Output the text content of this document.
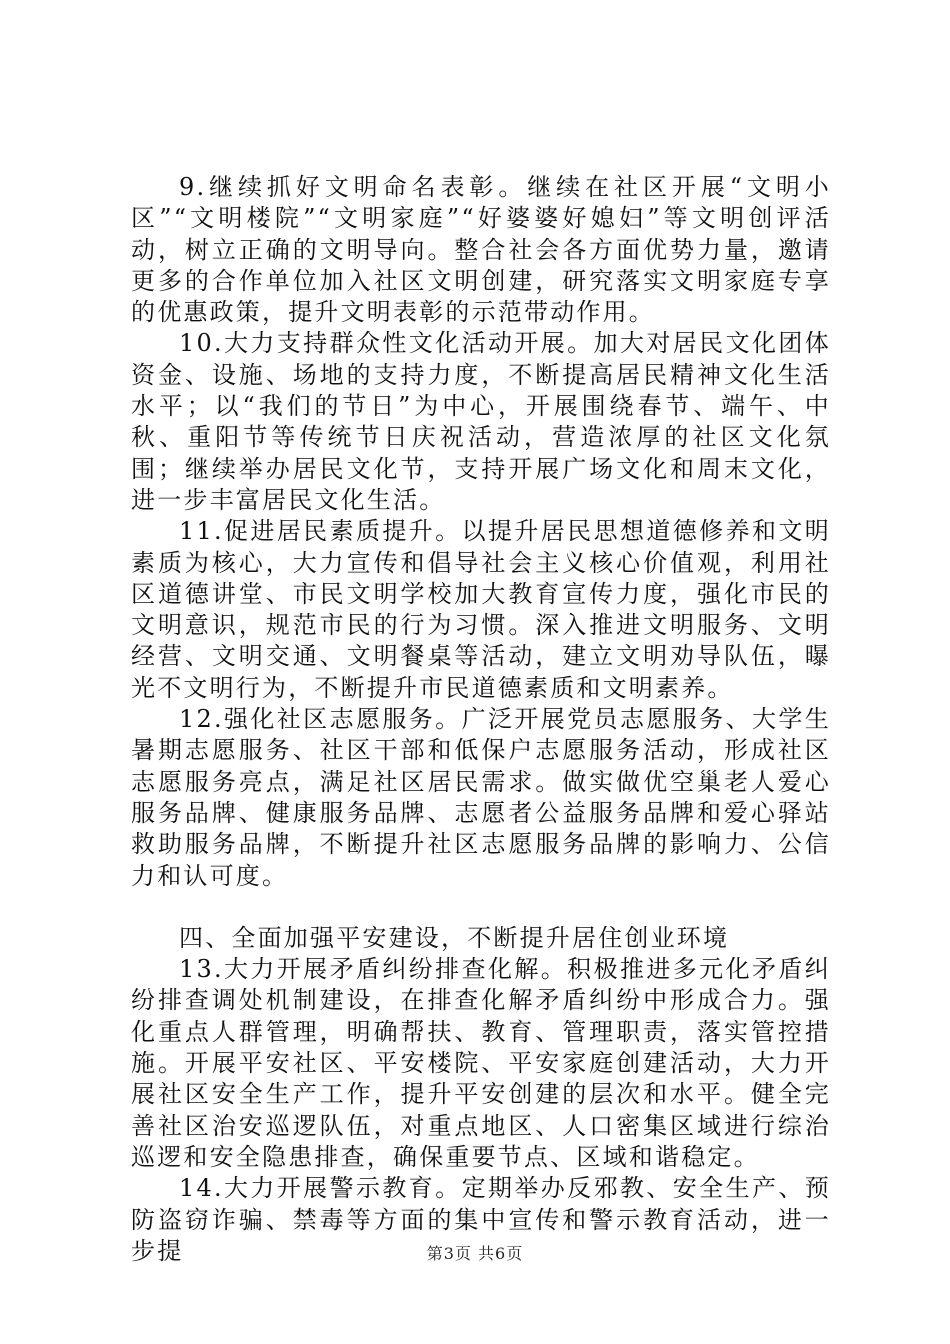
9.继续抓好文明命名表彰。继续在社区开展“文明小区”“文明楼院”“文明家庭”“好婆婆好媳妇”等文明创评活动，树立正确的文明导向。整合社会各方面优势力量，邀请更多的合作单位加入社区文明创建，研究落实文明家庭专享的优惠政策，提升文明表彰的示范带动作用。

10.大力支持群众性文化活动开展。加大对居民文化团体资金、设施、场地的支持力度，不断提高居民精神文化生活水平；以“我们的节日”为中心，开展围绕春节、端午、中秋、重阳节等传统节日庆祝活动，营造浓厚的社区文化氛围；继续举办居民文化节，支持开展广场文化和周末文化，进一步丰富居民文化生活。

11.促进居民素质提升。以提升居民思想道德修养和文明素质为核心，大力宣传和倡导社会主义核心价值观，利用社区道德讲堂、市民文明学校加大教育宣传力度，强化市民的文明意识，规范市民的行为习惯。深入推进文明服务、文明经营、文明交通、文明餐桌等活动，建立文明劝导队伍，曝光不文明行为，不断提升市民道德素质和文明素养。

12.强化社区志愿服务。广泛开展党员志愿服务、大学生暑期志愿服务、社区干部和低保户志愿服务活动，形成社区志愿服务亮点，满足社区居民需求。做实做优空巢老人爱心服务品牌、健康服务品牌、志愿者公益服务品牌和爱心驿站救助服务品牌，不断提升社区志愿服务品牌的影响力、公信力和认可度。

四、全面加强平安建设，不断提升居住创业环境

13.大力开展矛盾纠纷排查化解。积极推进多元化矛盾纠纷排查调处机制建设，在排查化解矛盾纠纷中形成合力。强化重点人群管理，明确帮扶、教育、管理职责，落实管控措施。开展平安社区、平安楼院、平安家庭创建活动，大力开展社区安全生产工作，提升平安创建的层次和水平。健全完善社区治安巡逻队伍，对重点地区、人口密集区域进行综治巡逻和安全隐患排查，确保重要节点、区域和谐稳定。

14.大力开展警示教育。定期举办反邪教、安全生产、预防盗窃诈骗、禁毒等方面的集中宣传和警示教育活动，进一步提	第3页 共6页
